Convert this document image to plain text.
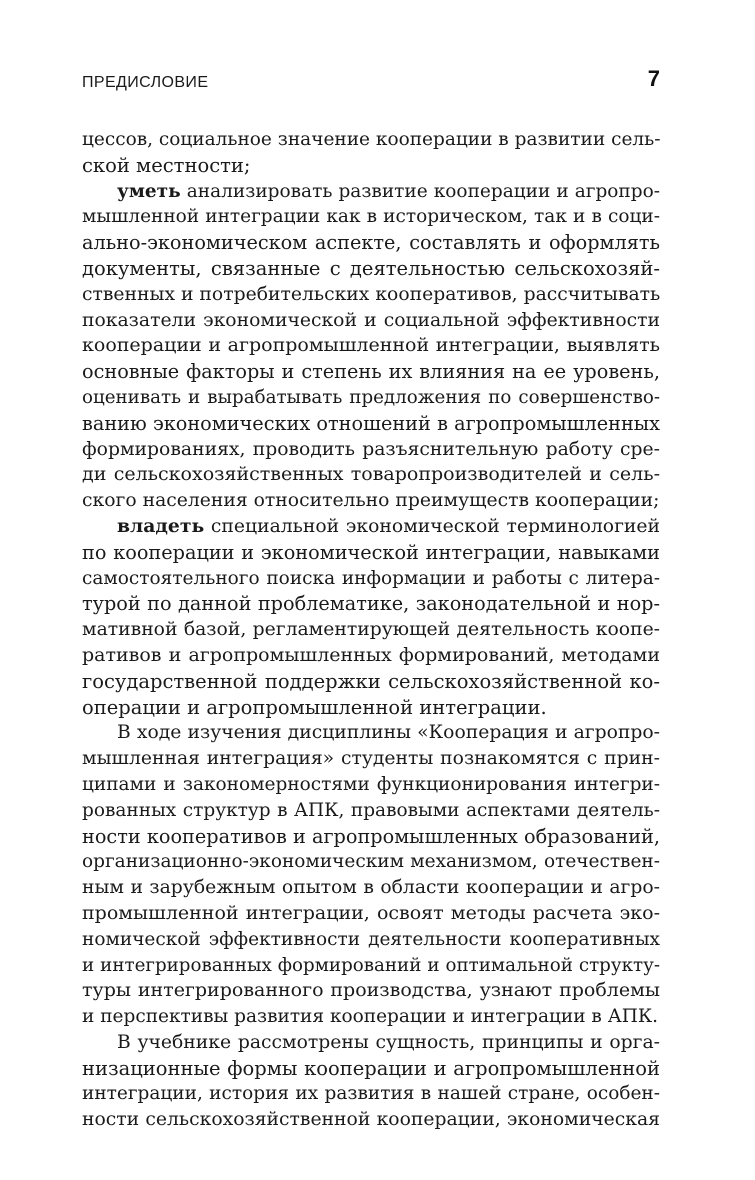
ПРЕДИСЛОВИЕ	7
цессов, социальное значение кооперации в развитии сель-
ской местности;
уметь анализировать развитие кооперации и агропро-
мышленной интеграции как в историческом, так и в соци-
ально-экономическом аспекте, составлять и оформлять
документы, связанные с деятельностью сельскохозяй-
ственных и потребительских кооперативов, рассчитывать
показатели экономической и социальной эффективности
кооперации и агропромышленной интеграции, выявлять
основные факторы и степень их влияния на ее уровень,
оценивать и вырабатывать предложения по совершенство-
ванию экономических отношений в агропромышленных
формированиях, проводить разъяснительную работу сре-
ди сельскохозяйственных товаропроизводителей и сель-
ского населения относительно преимуществ кооперации;
владеть специальной экономической терминологией
по кооперации и экономической интеграции, навыками
самостоятельного поиска информации и работы с литера-
турой по данной проблематике, законодательной и нор-
мативной базой, регламентирующей деятельность коопе-
ративов и агропромышленных формирований, методами
государственной поддержки сельскохозяйственной ко-
операции и агропромышленной интеграции.
В ходе изучения дисциплины «Кооперация и агропро-
мышленная интеграция» студенты познакомятся с прин-
ципами и закономерностями функционирования интегри-
рованных структур в АПК, правовыми аспектами деятель-
ности кооперативов и агропромышленных образований,
организационно-экономическим механизмом, отечествен-
ным и зарубежным опытом в области кооперации и агро-
промышленной интеграции, освоят методы расчета эко-
номической эффективности деятельности кооперативных
и интегрированных формирований и оптимальной структу-
туры интегрированного производства, узнают проблемы
и перспективы развития кооперации и интеграции в АПК.
В учебнике рассмотрены сущность, принципы и орга-
низационные формы кооперации и агропромышленной
интеграции, история их развития в нашей стране, особен-
ности сельскохозяйственной кооперации, экономическая
